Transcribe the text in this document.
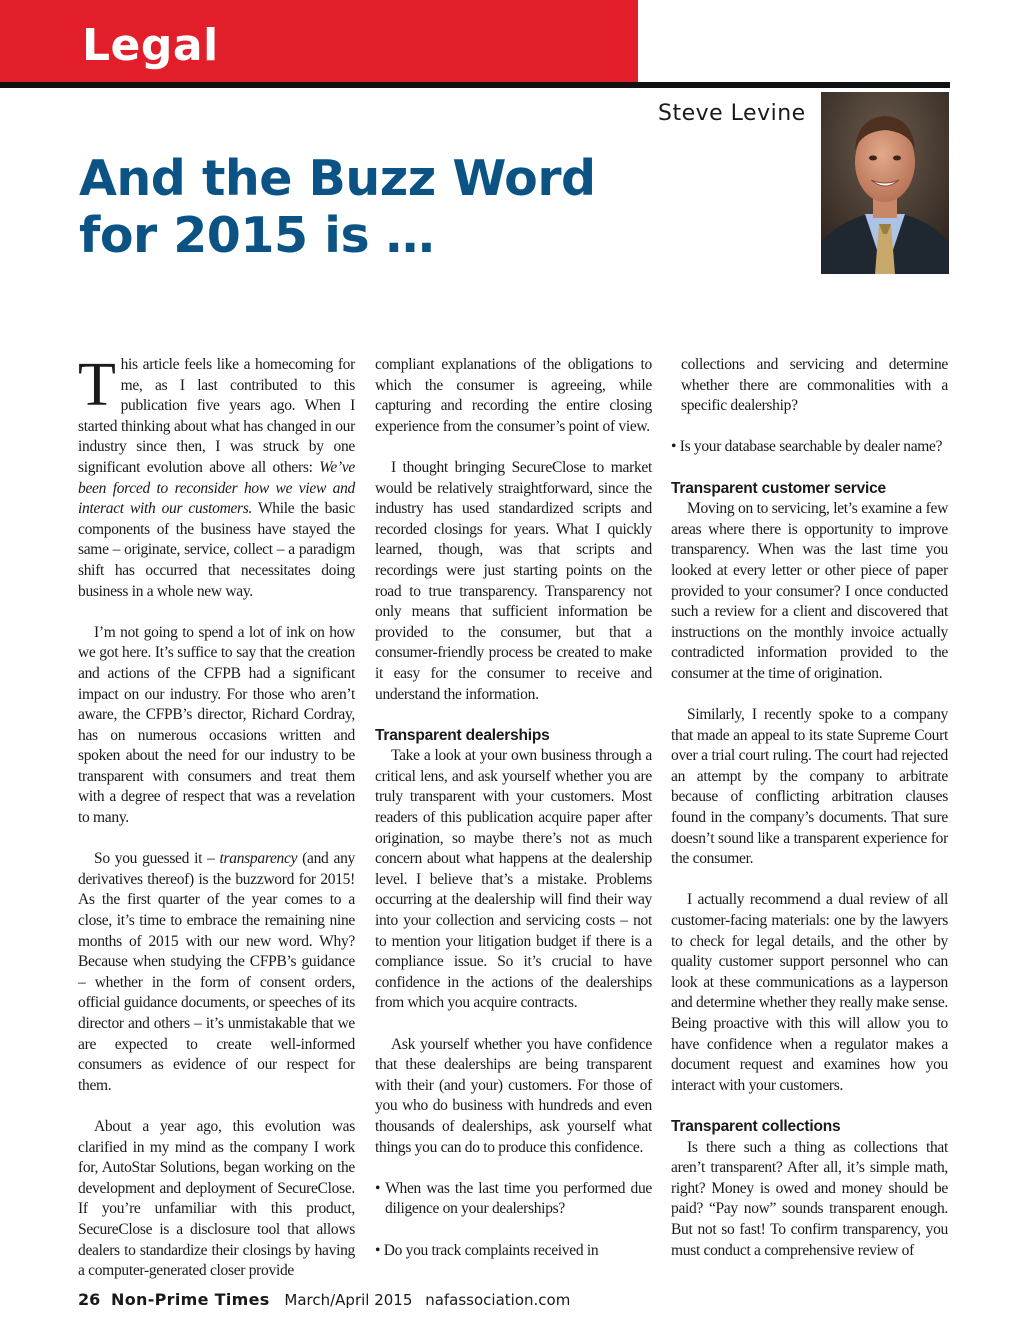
Legal
Steve Levine
And the Buzz Word for 2015 is …

This article feels like a homecoming for me, as I last contributed to this publication five years ago. When I started thinking about what has changed in our industry since then, I was struck by one significant evolution above all others: We’ve been forced to reconsider how we view and interact with our customers. While the basic components of the business have stayed the same – originate, service, collect – a paradigm shift has occurred that necessitates doing business in a whole new way.

I’m not going to spend a lot of ink on how we got here. It’s suffice to say that the creation and actions of the CFPB had a significant impact on our industry. For those who aren’t aware, the CFPB’s director, Richard Cordray, has on numerous occasions written and spoken about the need for our industry to be transparent with consumers and treat them with a degree of respect that was a revelation to many.

So you guessed it – transparency (and any derivatives thereof) is the buzzword for 2015! As the first quarter of the year comes to a close, it’s time to embrace the remaining nine months of 2015 with our new word. Why? Because when studying the CFPB’s guidance – whether in the form of consent orders, official guidance documents, or speeches of its director and others – it’s unmistakable that we are expected to create well-informed consumers as evidence of our respect for them.

About a year ago, this evolution was clarified in my mind as the company I work for, AutoStar Solutions, began working on the development and deployment of SecureClose. If you’re unfamiliar with this product, SecureClose is a disclosure tool that allows dealers to standardize their closings by having a computer-generated closer provide

compliant explanations of the obligations to which the consumer is agreeing, while capturing and recording the entire closing experience from the consumer’s point of view.

I thought bringing SecureClose to market would be relatively straightforward, since the industry has used standardized scripts and recorded closings for years. What I quickly learned, though, was that scripts and recordings were just starting points on the road to true transparency. Transparency not only means that sufficient information be provided to the consumer, but that a consumer-friendly process be created to make it easy for the consumer to receive and understand the information.

Transparent dealerships

Take a look at your own business through a critical lens, and ask yourself whether you are truly transparent with your customers. Most readers of this publication acquire paper after origination, so maybe there’s not as much concern about what happens at the dealership level. I believe that’s a mistake. Problems occurring at the dealership will find their way into your collection and servicing costs – not to mention your litigation budget if there is a compliance issue. So it’s crucial to have confidence in the actions of the dealerships from which you acquire contracts.

Ask yourself whether you have confidence that these dealerships are being transparent with their (and your) customers. For those of you who do business with hundreds and even thousands of dealerships, ask yourself what things you can do to produce this confidence.

• When was the last time you performed due diligence on your dealerships?

• Do you track complaints received in

collections and servicing and determine whether there are commonalities with a specific dealership?

• Is your database searchable by dealer name?

Transparent customer service

Moving on to servicing, let’s examine a few areas where there is opportunity to improve transparency. When was the last time you looked at every letter or other piece of paper provided to your consumer? I once conducted such a review for a client and discovered that instructions on the monthly invoice actually contradicted information provided to the consumer at the time of origination.

Similarly, I recently spoke to a company that made an appeal to its state Supreme Court over a trial court ruling. The court had rejected an attempt by the company to arbitrate because of conflicting arbitration clauses found in the company’s documents. That sure doesn’t sound like a transparent experience for the consumer.

I actually recommend a dual review of all customer-facing materials: one by the lawyers to check for legal details, and the other by quality customer support personnel who can look at these communications as a layperson and determine whether they really make sense. Being proactive with this will allow you to have confidence when a regulator makes a document request and examines how you interact with your customers.

Transparent collections

Is there such a thing as collections that aren’t transparent? After all, it’s simple math, right? Money is owed and money should be paid? “Pay now” sounds transparent enough. But not so fast! To confirm transparency, you must conduct a comprehensive review of

26 Non-Prime Times March/April 2015 nafassociation.com
